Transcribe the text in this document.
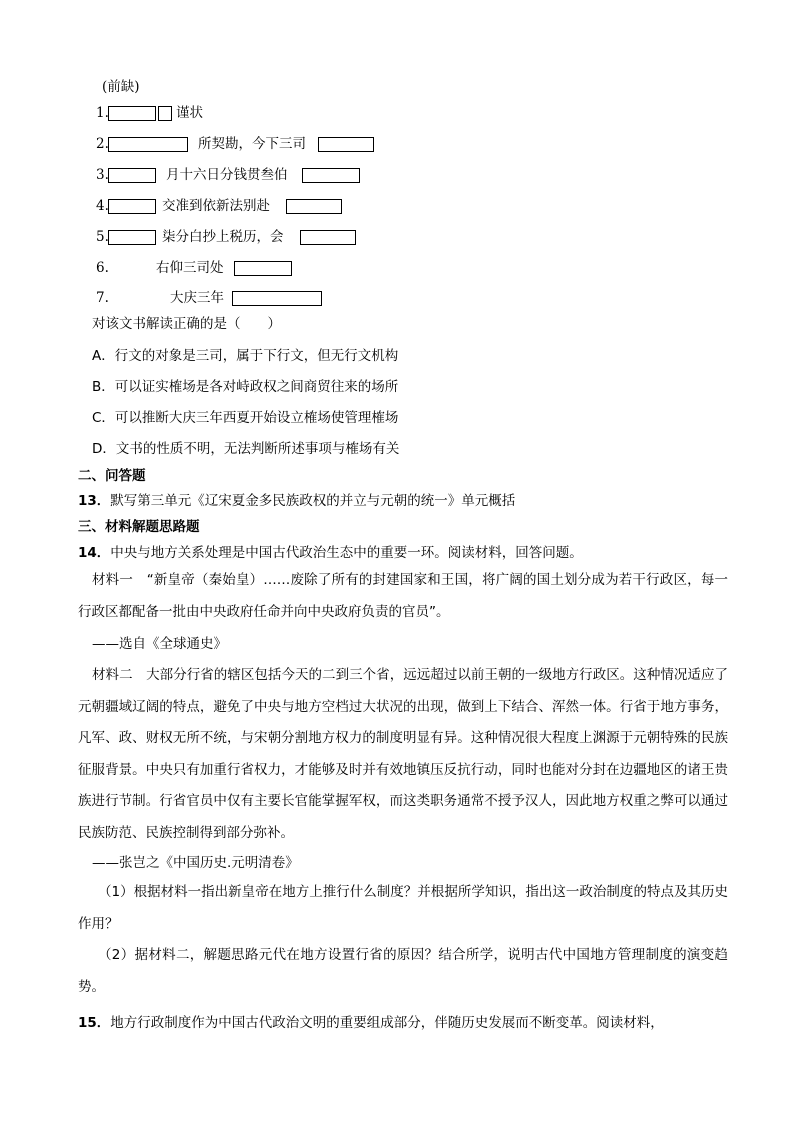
(前缺)
1.	谨状
2.	所契勘，今下三司
3.	月十六日分钱贯叁伯
4.	交准到依新法别赴
5.	柒分白抄上税历，会
6.	右仰三司处
7.	大庆三年
对该文书解读正确的是（　　）
A．行文的对象是三司，属于下行文，但无行文机构
B．可以证实榷场是各对峙政权之间商贸往来的场所
C．可以推断大庆三年西夏开始设立榷场使管理榷场
D．文书的性质不明，无法判断所述事项与榷场有关
二、问答题
13．默写第三单元《辽宋夏金多民族政权的并立与元朝的统一》单元概括
三、材料解题思路题
14．中央与地方关系处理是中国古代政治生态中的重要一环。阅读材料，回答问题。
材料一　“新皇帝（秦始皇）……废除了所有的封建国家和王国，将广阔的国土划分成为若干行政区，每一行政区都配备一批由中央政府任命并向中央政府负责的官员”。
——选自《全球通史》
材料二　大部分行省的辖区包括今天的二到三个省，远远超过以前王朝的一级地方行政区。这种情况适应了元朝疆域辽阔的特点，避免了中央与地方空档过大状况的出现，做到上下结合、浑然一体。行省于地方事务，凡军、政、财权无所不统，与宋朝分割地方权力的制度明显有异。这种情况很大程度上渊源于元朝特殊的民族征服背景。中央只有加重行省权力，才能够及时并有效地镇压反抗行动，同时也能对分封在边疆地区的诸王贵族进行节制。行省官员中仅有主要长官能掌握军权，而这类职务通常不授予汉人，因此地方权重之弊可以通过民族防范、民族控制得到部分弥补。
——张岂之《中国历史.元明清卷》
（1）根据材料一指出新皇帝在地方上推行什么制度？并根据所学知识，指出这一政治制度的特点及其历史作用？
（2）据材料二，解题思路元代在地方设置行省的原因？结合所学，说明古代中国地方管理制度的演变趋势。
15．地方行政制度作为中国古代政治文明的重要组成部分，伴随历史发展而不断变革。阅读材料，
